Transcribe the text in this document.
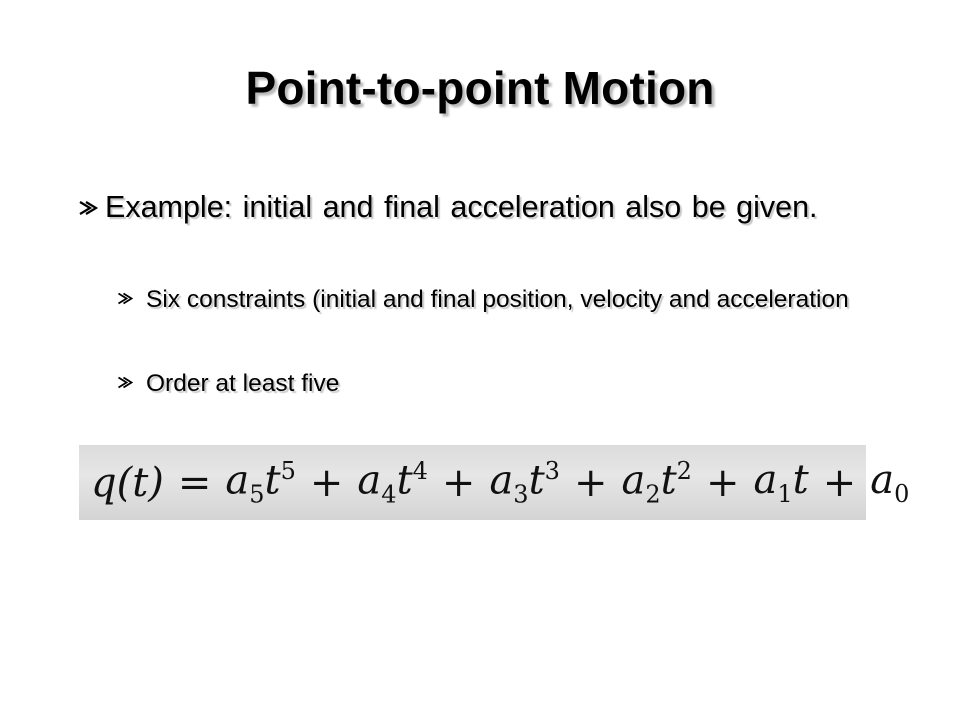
Point-to-point Motion
Example: initial and final acceleration also be given.
Six constraints (initial and final position, velocity and acceleration
Order at least five
$q(t) = a_5t^5 + a_4t^4 + a_3t^3 + a_2t^2 + a_1t + a_0$
